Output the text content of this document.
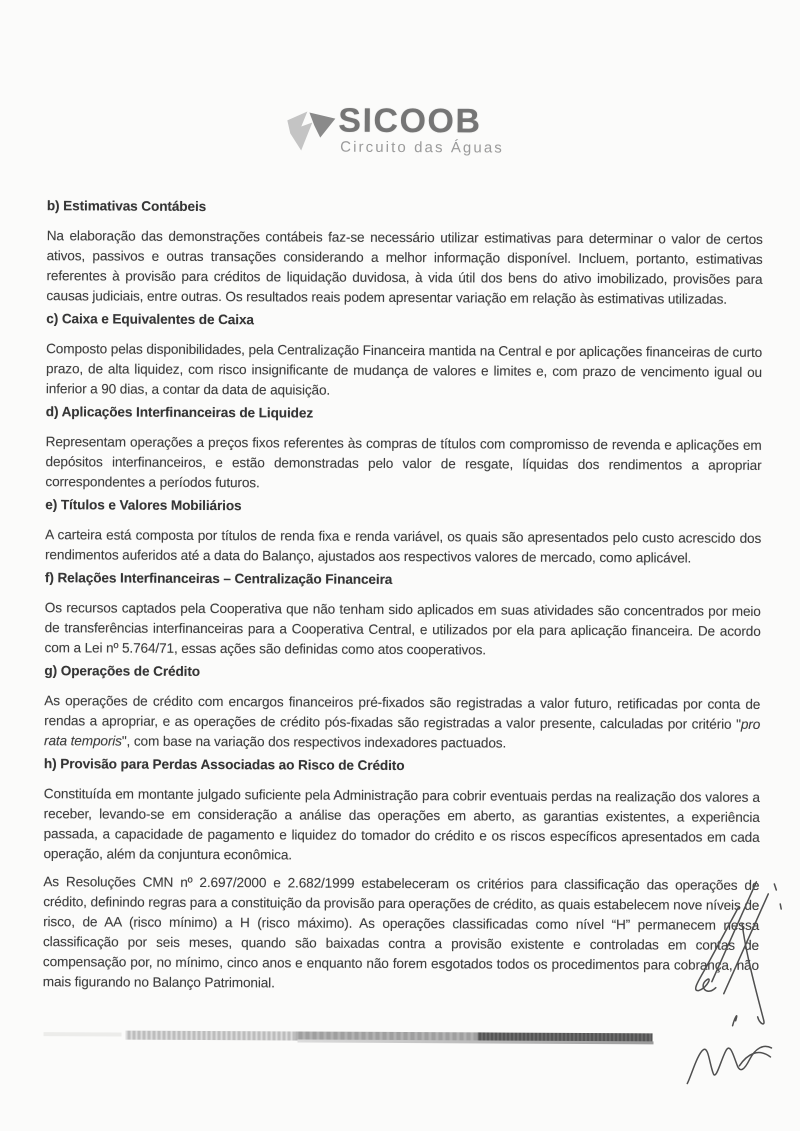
SICOOB
Circuito das Águas
b) Estimativas Contábeis

Na elaboração das demonstrações contábeis faz-se necessário utilizar estimativas para determinar o valor de certos ativos, passivos e outras transações considerando a melhor informação disponível. Incluem, portanto, estimativas referentes à provisão para créditos de liquidação duvidosa, à vida útil dos bens do ativo imobilizado, provisões para causas judiciais, entre outras. Os resultados reais podem apresentar variação em relação às estimativas utilizadas.

c) Caixa e Equivalentes de Caixa

Composto pelas disponibilidades, pela Centralização Financeira mantida na Central e por aplicações financeiras de curto prazo, de alta liquidez, com risco insignificante de mudança de valores e limites e, com prazo de vencimento igual ou inferior a 90 dias, a contar da data de aquisição.

d) Aplicações Interfinanceiras de Liquidez

Representam operações a preços fixos referentes às compras de títulos com compromisso de revenda e aplicações em depósitos interfinanceiros, e estão demonstradas pelo valor de resgate, líquidas dos rendimentos a apropriar correspondentes a períodos futuros.

e) Títulos e Valores Mobiliários

A carteira está composta por títulos de renda fixa e renda variável, os quais são apresentados pelo custo acrescido dos rendimentos auferidos até a data do Balanço, ajustados aos respectivos valores de mercado, como aplicável.

f) Relações Interfinanceiras – Centralização Financeira

Os recursos captados pela Cooperativa que não tenham sido aplicados em suas atividades são concentrados por meio de transferências interfinanceiras para a Cooperativa Central, e utilizados por ela para aplicação financeira. De acordo com a Lei nº 5.764/71, essas ações são definidas como atos cooperativos.

g) Operações de Crédito

As operações de crédito com encargos financeiros pré-fixados são registradas a valor futuro, retificadas por conta de rendas a apropriar, e as operações de crédito pós-fixadas são registradas a valor presente, calculadas por critério "pro rata temporis", com base na variação dos respectivos indexadores pactuados.

h) Provisão para Perdas Associadas ao Risco de Crédito

Constituída em montante julgado suficiente pela Administração para cobrir eventuais perdas na realização dos valores a receber, levando-se em consideração a análise das operações em aberto, as garantias existentes, a experiência passada, a capacidade de pagamento e liquidez do tomador do crédito e os riscos específicos apresentados em cada operação, além da conjuntura econômica.

As Resoluções CMN nº 2.697/2000 e 2.682/1999 estabeleceram os critérios para classificação das operações de crédito, definindo regras para a constituição da provisão para operações de crédito, as quais estabelecem nove níveis de risco, de AA (risco mínimo) a H (risco máximo). As operações classificadas como nível “H” permanecem nessa classificação por seis meses, quando são baixadas contra a provisão existente e controladas em contas de compensação por, no mínimo, cinco anos e enquanto não forem esgotados todos os procedimentos para cobrança, não mais figurando no Balanço Patrimonial.
